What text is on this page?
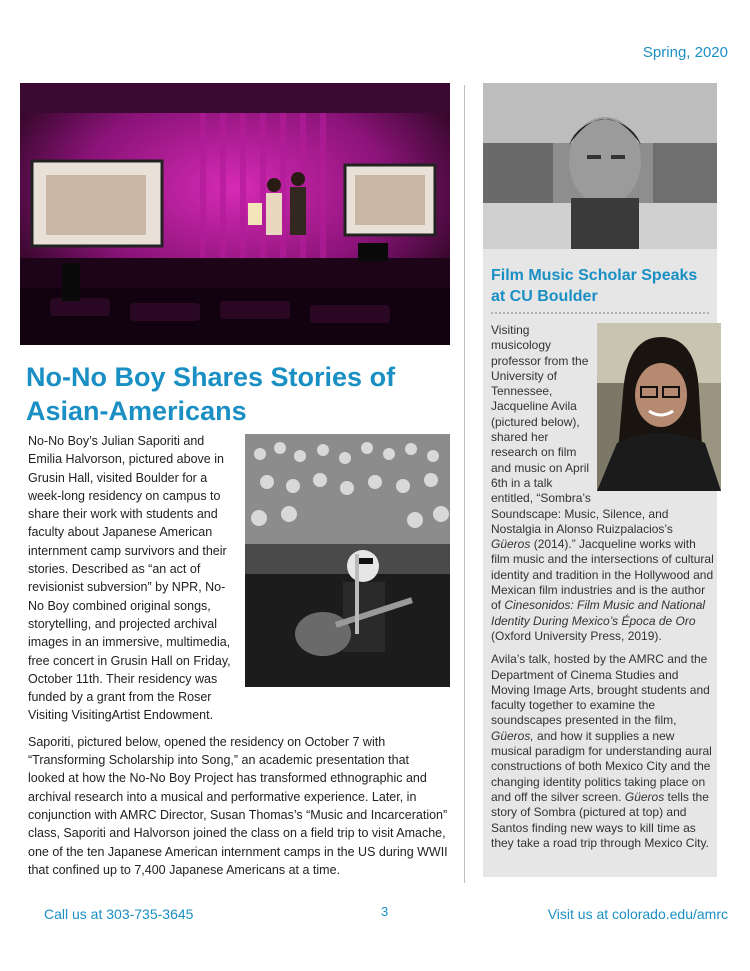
Spring, 2020
No-No Boy Shares Stories of Asian-Americans

No-No Boy’s Julian Saporiti and Emilia Halvorson, pictured above in Grusin Hall, visited Boulder for a week-long residency on campus to share their work with students and faculty about Japanese American internment camp survivors and their stories. Described as “an act of revisionist subversion” by NPR, No-No Boy combined original songs, storytelling, and projected archival images in an immersive, multimedia, free concert in Grusin Hall on Friday, October 11th. Their residency was funded by a grant from the Roser Visiting VisitingArtist Endowment.

Saporiti, pictured below, opened the residency on October 7 with “Transforming Scholarship into Song,” an academic presentation that looked at how the No-No Boy Project has transformed ethnographic and archival research into a musical and performative experience. Later, in conjunction with AMRC Director, Susan Thomas’s “Music and Incarceration” class, Saporiti and Halvorson joined the class on a field trip to visit Amache, one of the ten Japanese American internment camps in the US during WWII that confined up to 7,400 Japanese Americans at a time.

Film Music Scholar Speaks at CU Boulder

Visiting musicology professor from the University of Tennessee, Jacqueline Avila (pictured below), shared her research on film and music on April 6th in a talk entitled, “Sombra’s Soundscape: Music, Silence, and Nostalgia in Alonso Ruizpalacios’s Güeros (2014).” Jacqueline works with film music and the intersections of cultural identity and tradition in the Hollywood and Mexican film industries and is the author of Cinesonidos: Film Music and National Identity During Mexico’s Época de Oro (Oxford University Press, 2019).

Avila’s talk, hosted by the AMRC and the Department of Cinema Studies and Moving Image Arts, brought students and faculty together to examine the soundscapes presented in the film, Güeros, and how it supplies a new musical paradigm for understanding aural constructions of both Mexico City and the changing identity politics taking place on and off the silver screen. Güeros tells the story of Sombra (pictured at top) and Santos finding new ways to kill time as they take a road trip through Mexico City.

Call us at 303-735-3645	3	Visit us at colorado.edu/amrc
